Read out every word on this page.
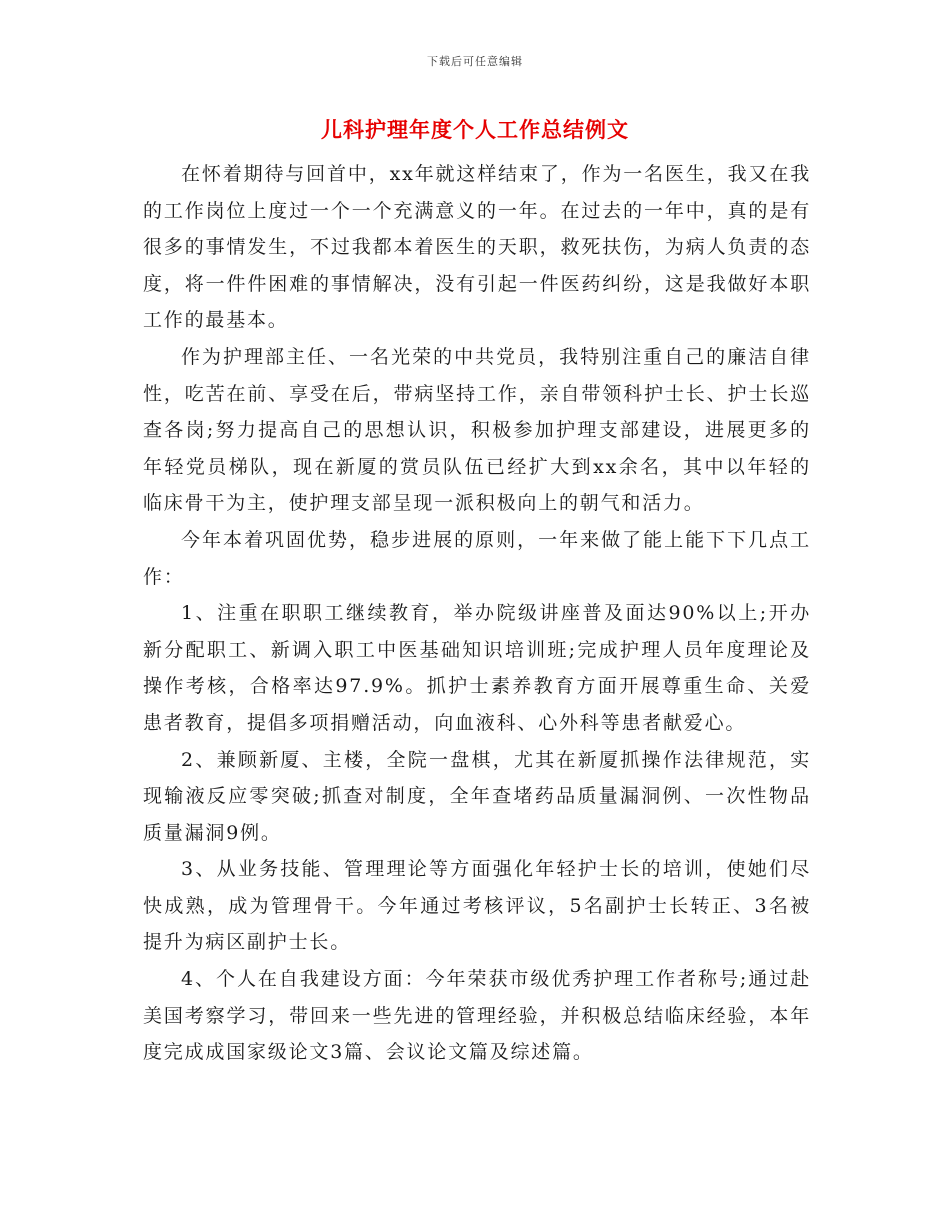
下载后可任意编辑
儿科护理年度个人工作总结例文

在怀着期待与回首中，xx年就这样结束了，作为一名医生，我又在我的工作岗位上度过一个一个充满意义的一年。在过去的一年中，真的是有很多的事情发生，不过我都本着医生的天职，救死扶伤，为病人负责的态度，将一件件困难的事情解决，没有引起一件医药纠纷，这是我做好本职工作的最基本。

作为护理部主任、一名光荣的中共党员，我特别注重自己的廉洁自律性，吃苦在前、享受在后，带病坚持工作，亲自带领科护士长、护士长巡查各岗;努力提高自己的思想认识，积极参加护理支部建设，进展更多的年轻党员梯队，现在新厦的赏员队伍已经扩大到xx余名，其中以年轻的临床骨干为主，使护理支部呈现一派积极向上的朝气和活力。

今年本着巩固优势，稳步进展的原则，一年来做了能上能下下几点工作：

1、注重在职职工继续教育，举办院级讲座普及面达90%以上;开办新分配职工、新调入职工中医基础知识培训班;完成护理人员年度理论及操作考核，合格率达97.9%。抓护士素养教育方面开展尊重生命、关爱患者教育，提倡多项捐赠活动，向血液科、心外科等患者献爱心。

2、兼顾新厦、主楼，全院一盘棋，尤其在新厦抓操作法律规范，实现输液反应零突破;抓查对制度，全年查堵药品质量漏洞例、一次性物品质量漏洞9例。

3、从业务技能、管理理论等方面强化年轻护士长的培训，使她们尽快成熟，成为管理骨干。今年通过考核评议，5名副护士长转正、3名被提升为病区副护士长。

4、个人在自我建设方面：今年荣获市级优秀护理工作者称号;通过赴美国考察学习，带回来一些先进的管理经验，并积极总结临床经验，本年度完成成国家级论文3篇、会议论文篇及综述篇。
